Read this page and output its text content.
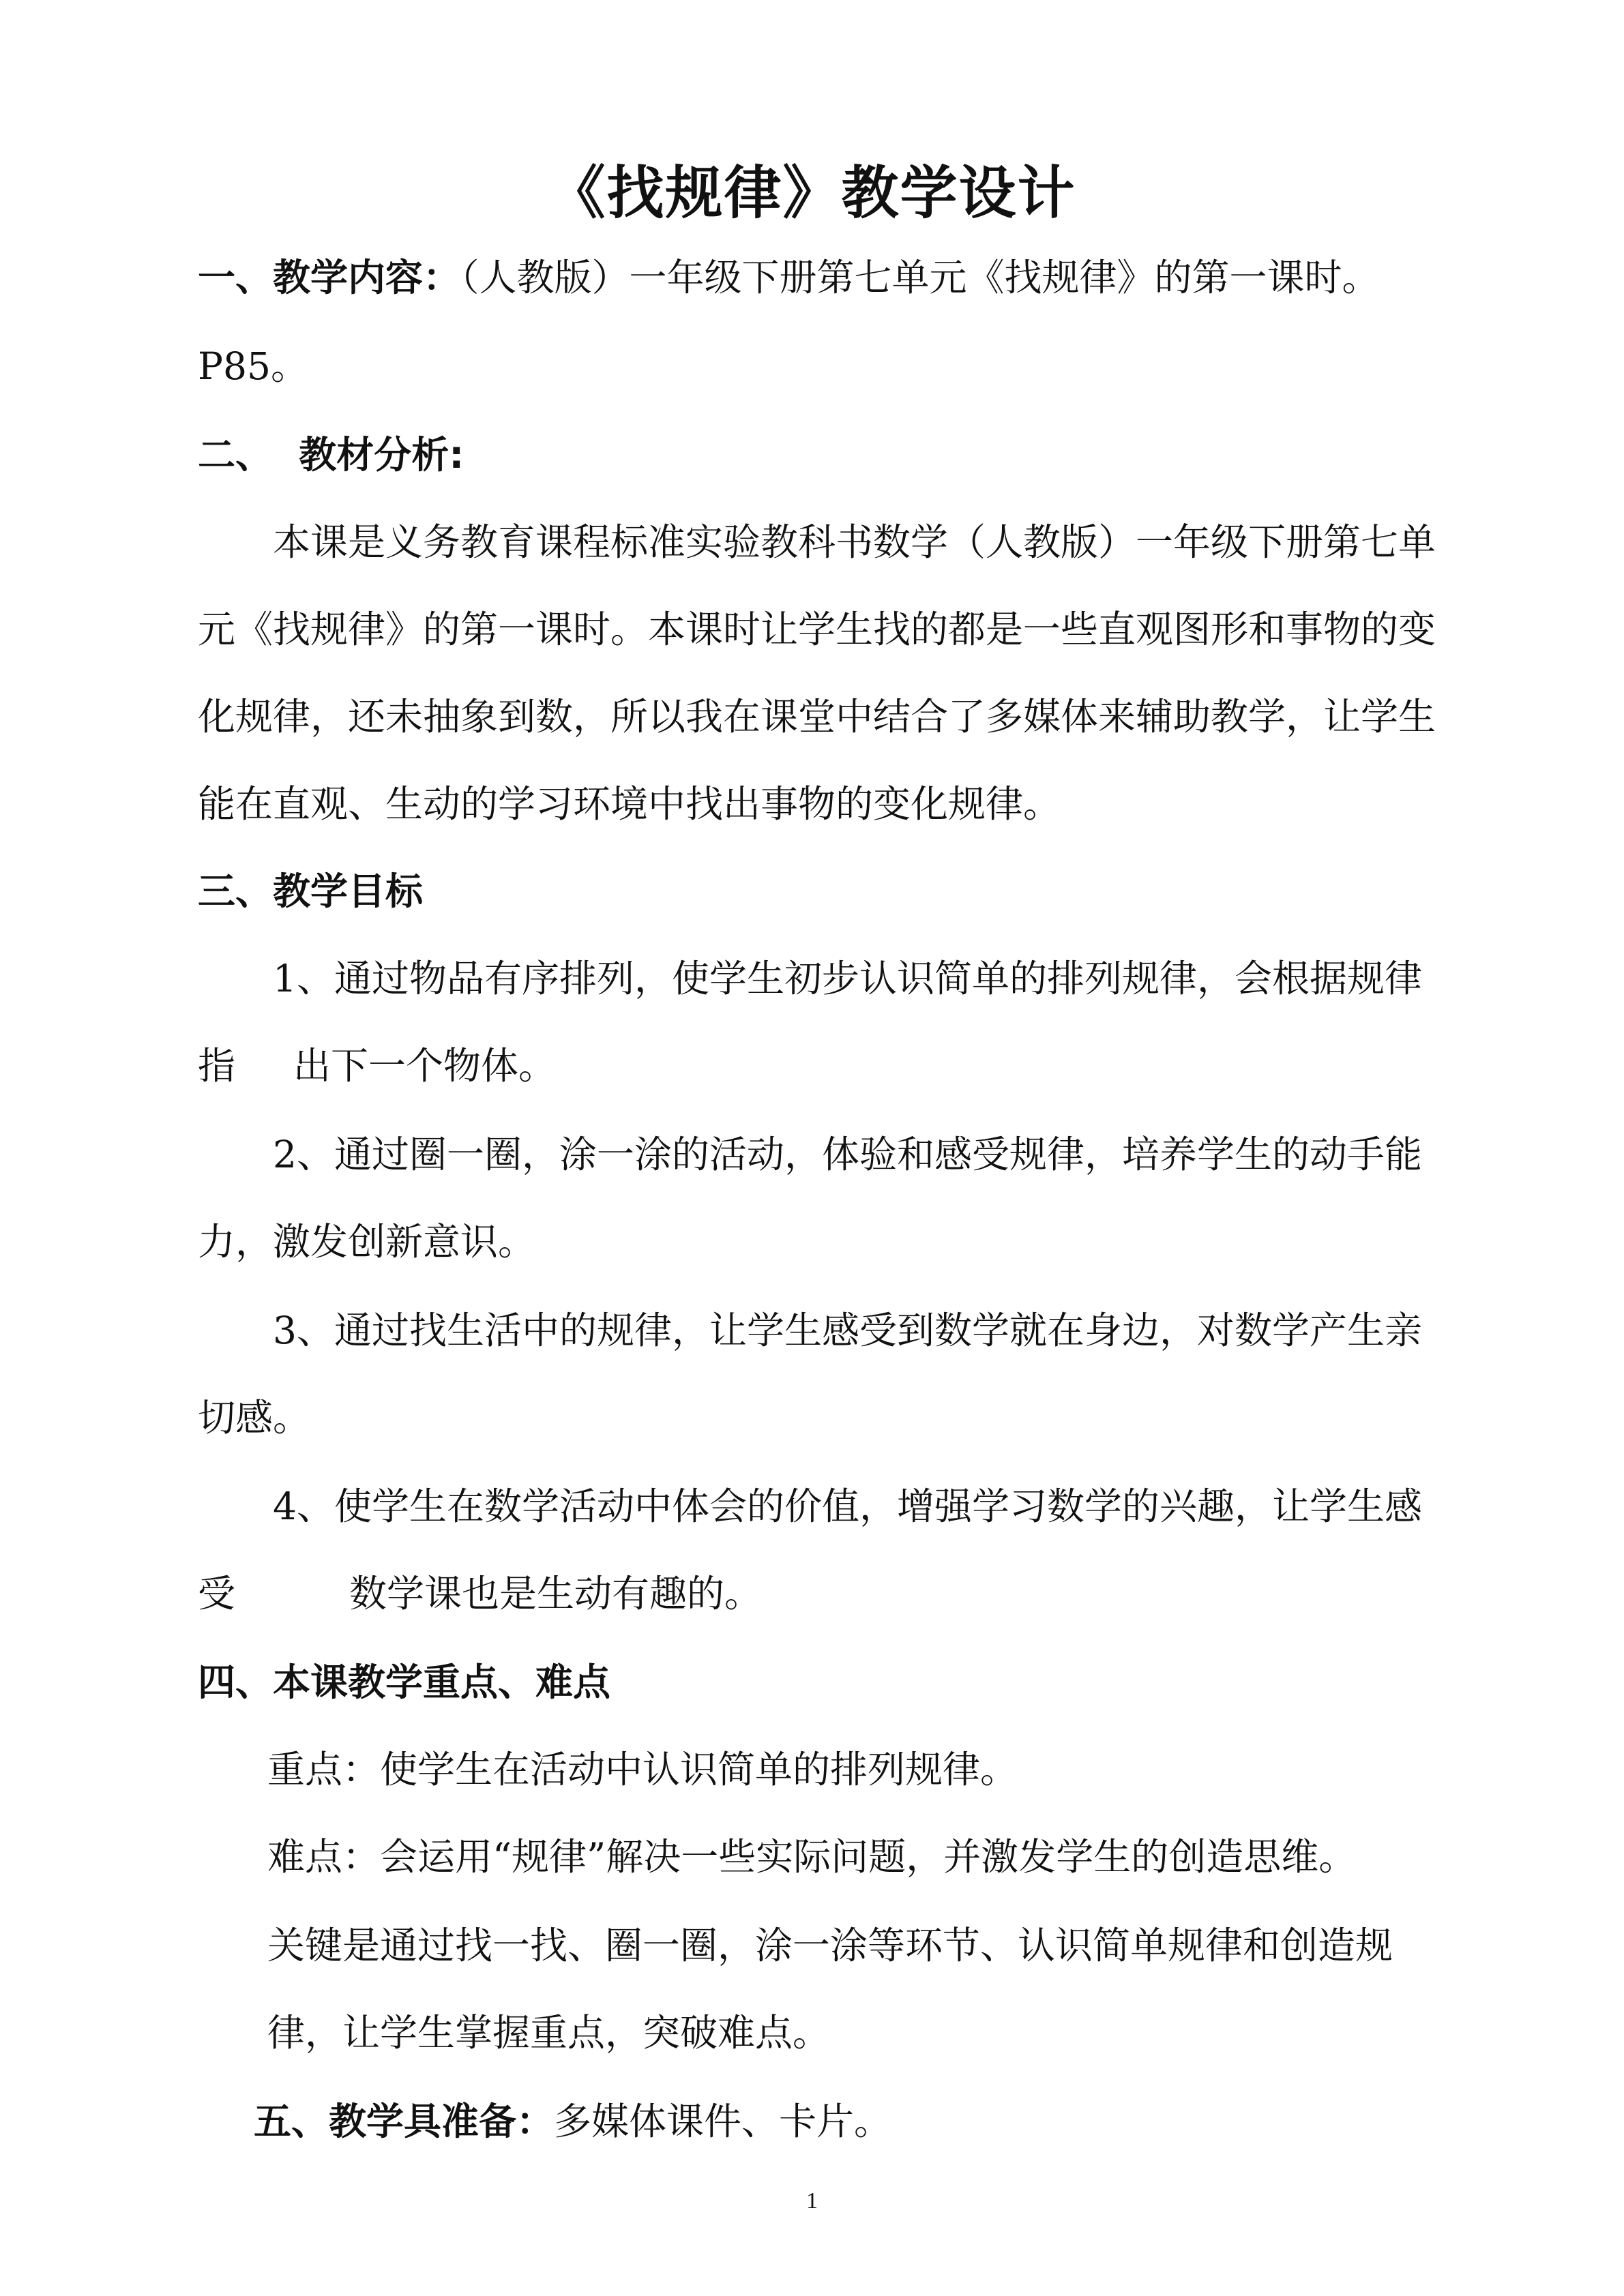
《找规律》教学设计
一、教学内容：（人教版）一年级下册第七单元《找规律》的第一课时。
P85。
二、  教材分析:
本课是义务教育课程标准实验教科书数学（人教版）一年级下册第七单
元《找规律》的第一课时。本课时让学生找的都是一些直观图形和事物的变
化规律，还未抽象到数，所以我在课堂中结合了多媒体来辅助教学，让学生
能在直观、生动的学习环境中找出事物的变化规律。
三、教学目标
1、通过物品有序排列，使学生初步认识简单的排列规律，会根据规律
指 出下一个物体。
2、通过圈一圈，涂一涂的活动，体验和感受规律，培养学生的动手能
力，激发创新意识。
3、通过找生活中的规律，让学生感受到数学就在身边，对数学产生亲
切感。
4、使学生在数学活动中体会的价值，增强学习数学的兴趣，让学生感
受	数学课也是生动有趣的。
四、本课教学重点、难点
重点：使学生在活动中认识简单的排列规律。
难点：会运用“规律”解决一些实际问题，并激发学生的创造思维。
关键是通过找一找、圈一圈，涂一涂等环节、认识简单规律和创造规
律，让学生掌握重点，突破难点。
五、教学具准备：多媒体课件、卡片。
1
